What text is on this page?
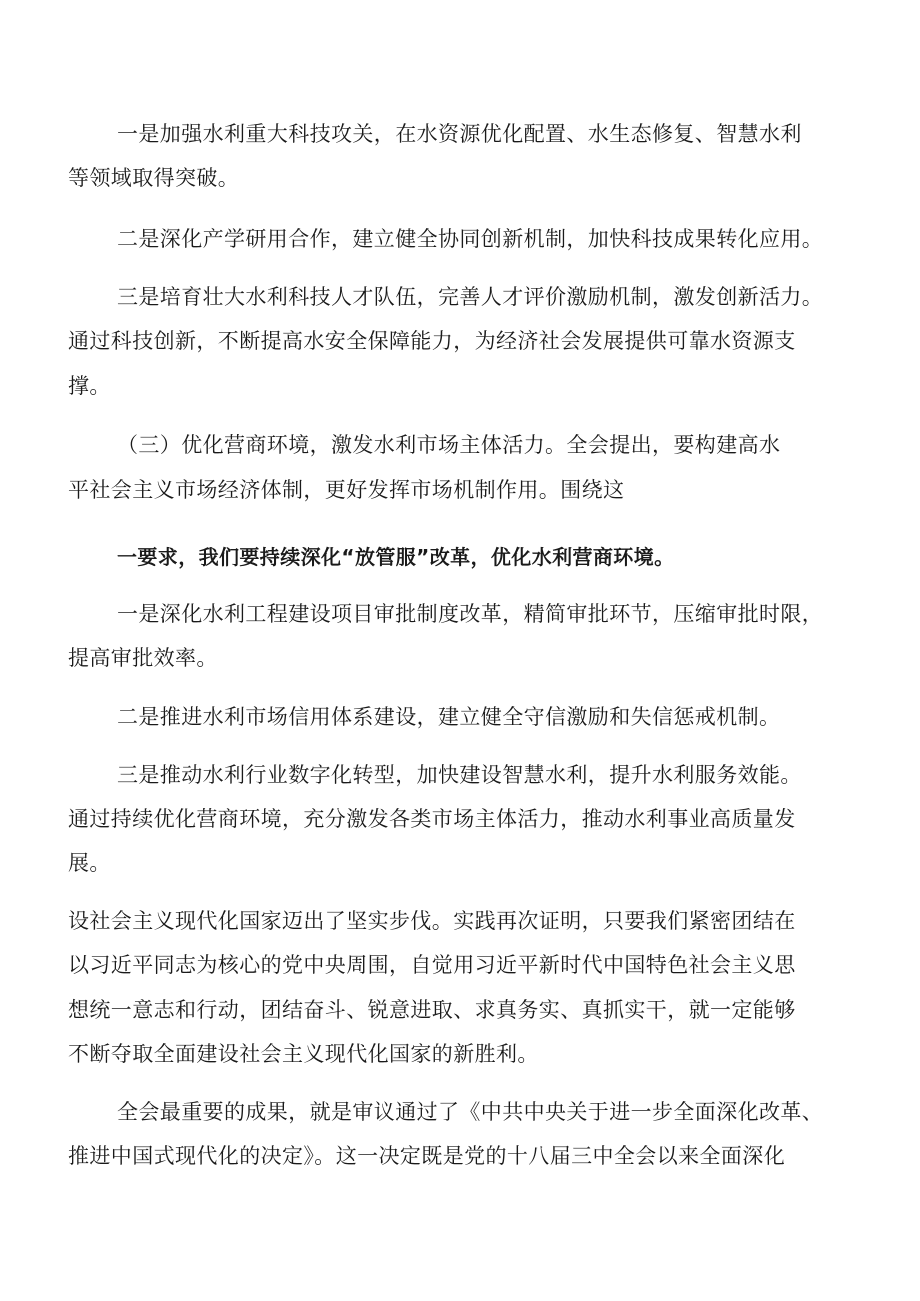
一是加强水利重大科技攻关，在水资源优化配置、水生态修复、智慧水利
等领域取得突破。
二是深化产学研用合作，建立健全协同创新机制，加快科技成果转化应用。
三是培育壮大水利科技人才队伍，完善人才评价激励机制，激发创新活力。
通过科技创新，不断提高水安全保障能力，为经济社会发展提供可靠水资源支
撑。
（三）优化营商环境，激发水利市场主体活力。全会提出，要构建高水
平社会主义市场经济体制，更好发挥市场机制作用。围绕这
一要求，我们要持续深化“放管服”改革，优化水利营商环境。
一是深化水利工程建设项目审批制度改革，精简审批环节，压缩审批时限，
提高审批效率。
二是推进水利市场信用体系建设，建立健全守信激励和失信惩戒机制。
三是推动水利行业数字化转型，加快建设智慧水利，提升水利服务效能。
通过持续优化营商环境，充分激发各类市场主体活力，推动水利事业高质量发
展。
设社会主义现代化国家迈出了坚实步伐。实践再次证明，只要我们紧密团结在
以习近平同志为核心的党中央周围，自觉用习近平新时代中国特色社会主义思
想统一意志和行动，团结奋斗、锐意进取、求真务实、真抓实干，就一定能够
不断夺取全面建设社会主义现代化国家的新胜利。
全会最重要的成果，就是审议通过了《中共中央关于进一步全面深化改革、
推进中国式现代化的决定》。这一决定既是党的十八届三中全会以来全面深化
